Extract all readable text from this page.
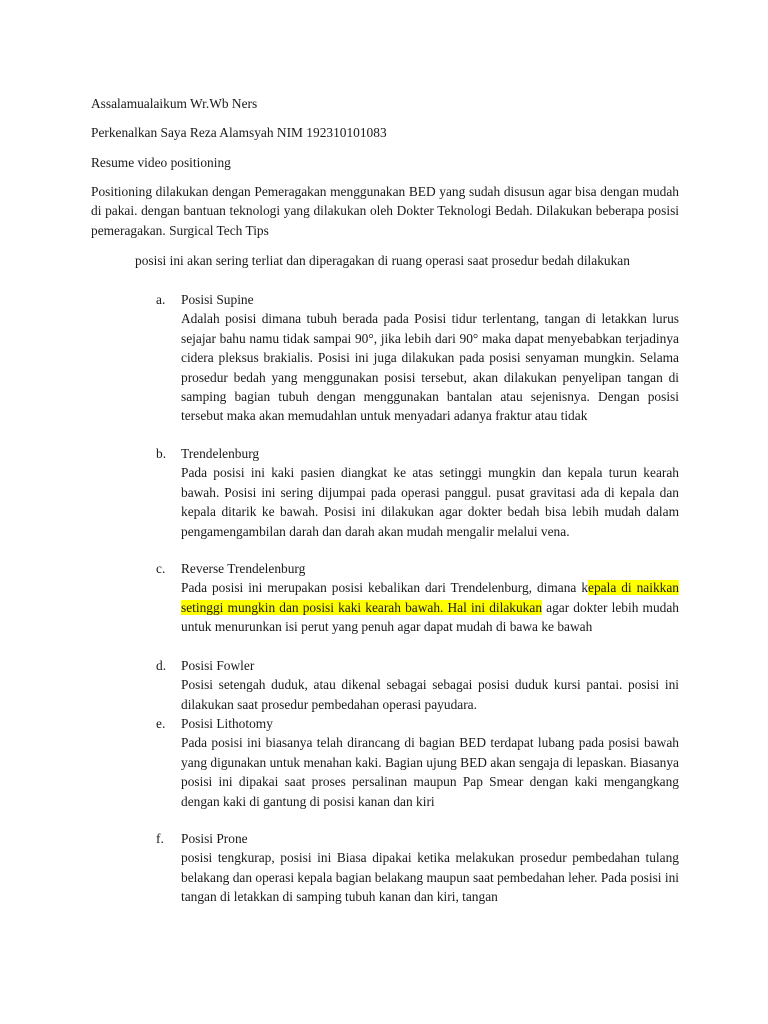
Assalamualaikum Wr.Wb Ners

Perkenalkan Saya Reza Alamsyah NIM 192310101083

Resume video positioning

Positioning dilakukan dengan Pemeragakan menggunakan BED yang sudah disusun agar bisa dengan mudah di pakai. dengan bantuan teknologi yang dilakukan oleh Dokter Teknologi Bedah. Dilakukan beberapa posisi pemeragakan. Surgical Tech Tips

posisi ini akan sering terliat dan diperagakan di ruang operasi saat prosedur bedah dilakukan

a.	Posisi Supine
Adalah posisi dimana tubuh berada pada Posisi tidur terlentang, tangan di letakkan lurus sejajar bahu namu tidak sampai 90°, jika lebih dari 90° maka dapat menyebabkan terjadinya cidera pleksus brakialis. Posisi ini juga dilakukan pada posisi senyaman mungkin. Selama prosedur bedah yang menggunakan posisi tersebut, akan dilakukan penyelipan tangan di samping bagian tubuh dengan menggunakan bantalan atau sejenisnya. Dengan posisi tersebut maka akan memudahlan untuk menyadari adanya fraktur atau tidak
b.	Trendelenburg
Pada posisi ini kaki pasien diangkat ke atas setinggi mungkin dan kepala turun kearah bawah. Posisi ini sering dijumpai pada operasi panggul. pusat gravitasi ada di kepala dan kepala ditarik ke bawah. Posisi ini dilakukan agar dokter bedah bisa lebih mudah dalam pengamengambilan darah dan darah akan mudah mengalir melalui vena.
c.	Reverse Trendelenburg
Pada posisi ini merupakan posisi kebalikan dari Trendelenburg, dimana kepala di naikkan setinggi mungkin dan posisi kaki kearah bawah. Hal ini dilakukan agar dokter lebih mudah untuk menurunkan isi perut yang penuh agar dapat mudah di bawa ke bawah
d.	Posisi Fowler
Posisi setengah duduk, atau dikenal sebagai sebagai posisi duduk kursi pantai. posisi ini dilakukan saat prosedur pembedahan operasi payudara.
e.	Posisi Lithotomy
Pada posisi ini biasanya telah dirancang di bagian BED terdapat lubang pada posisi bawah yang digunakan untuk menahan kaki. Bagian ujung BED akan sengaja di lepaskan. Biasanya posisi ini dipakai saat proses persalinan maupun Pap Smear dengan kaki mengangkang dengan kaki di gantung di posisi kanan dan kiri
f.	Posisi Prone
posisi tengkurap, posisi ini Biasa dipakai ketika melakukan prosedur pembedahan tulang belakang dan operasi kepala bagian belakang maupun saat pembedahan leher. Pada posisi ini tangan di letakkan di samping tubuh kanan dan kiri, tangan
